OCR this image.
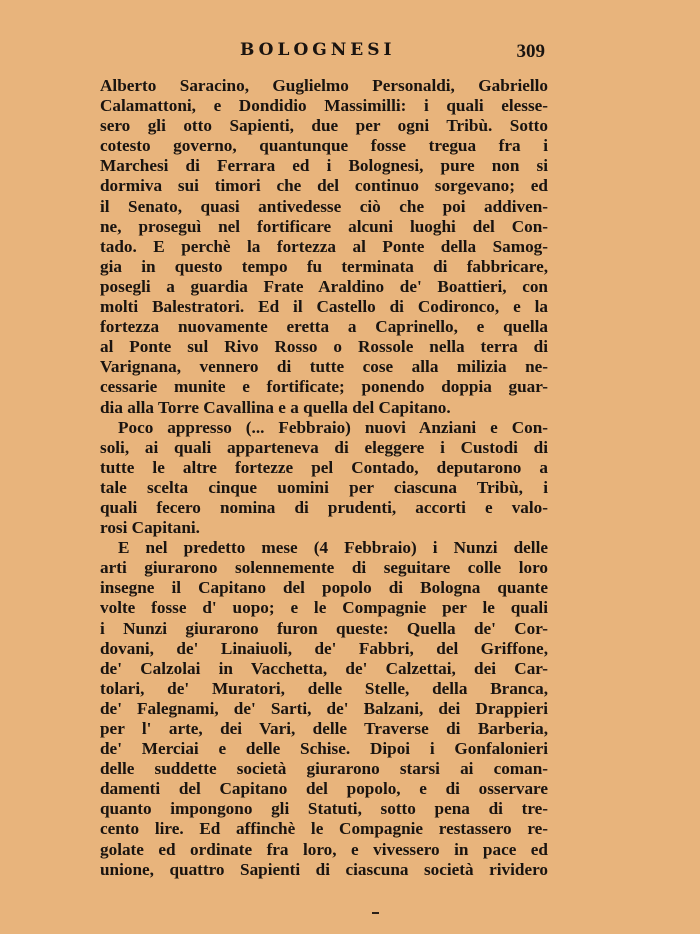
BOLOGNESI	309
Alberto Saracino, Guglielmo Personaldi, Gabriello
Calamattoni, e Dondidio Massimilli: i quali elesse-
sero gli otto Sapienti, due per ogni Tribù. Sotto
cotesto governo, quantunque fosse tregua fra i
Marchesi di Ferrara ed i Bolognesi, pure non si
dormiva sui timori che del continuo sorgevano; ed
il Senato, quasi antivedesse ciò che poi addiven-
ne, proseguì nel fortificare alcuni luoghi del Con-
tado. E perchè la fortezza al Ponte della Samog-
gia in questo tempo fu terminata di fabbricare,
posegli a guardia Frate Araldino de' Boattieri, con
molti Balestratori. Ed il Castello di Codironco, e la
fortezza nuovamente eretta a Caprinello, e quella
al Ponte sul Rivo Rosso o Rossole nella terra di
Varignana, vennero di tutte cose alla milizia ne-
cessarie munite e fortificate; ponendo doppia guar-
dia alla Torre Cavallina e a quella del Capitano.
Poco appresso (... Febbraio) nuovi Anziani e Con-
soli, ai quali apparteneva di eleggere i Custodi di
tutte le altre fortezze pel Contado, deputarono a
tale scelta cinque uomini per ciascuna Tribù, i
quali fecero nomina di prudenti, accorti e valo-
rosi Capitani.
E nel predetto mese (4 Febbraio) i Nunzi delle
arti giurarono solennemente di seguitare colle loro
insegne il Capitano del popolo di Bologna quante
volte fosse d' uopo; e le Compagnie per le quali
i Nunzi giurarono furon queste: Quella de' Cor-
dovani, de' Linaiuoli, de' Fabbri, del Griffone,
de' Calzolai in Vacchetta, de' Calzettai, dei Car-
tolari, de' Muratori, delle Stelle, della Branca,
de' Falegnami, de' Sarti, de' Balzani, dei Drappieri
per l' arte, dei Vari, delle Traverse di Barberia,
de' Merciai e delle Schise. Dipoi i Gonfalonieri
delle suddette società giurarono starsi ai coman-
damenti del Capitano del popolo, e di osservare
quanto impongono gli Statuti, sotto pena di tre-
cento lire. Ed affinchè le Compagnie restassero re-
golate ed ordinate fra loro, e vivessero in pace ed
unione, quattro Sapienti di ciascuna società rividero
